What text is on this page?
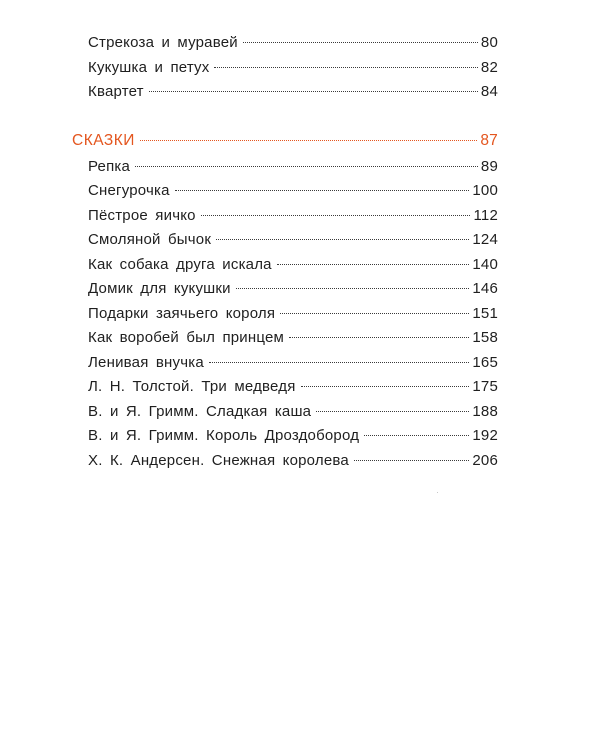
Стрекоза и муравей	80
Кукушка и петух	82
Квартет	84
СКАЗКИ	87
Репка	89
Снегурочка	100
Пёстрое яичко	112
Смоляной бычок	124
Как собака друга искала	140
Домик для кукушки	146
Подарки заячьего короля	151
Как воробей был принцем	158
Ленивая внучка	165
Л. Н. Толстой. Три медведя	175
В. и Я. Гримм. Сладкая каша	188
В. и Я. Гримм. Король Дроздобород	192
Х. К. Андерсен. Снежная королева	206
